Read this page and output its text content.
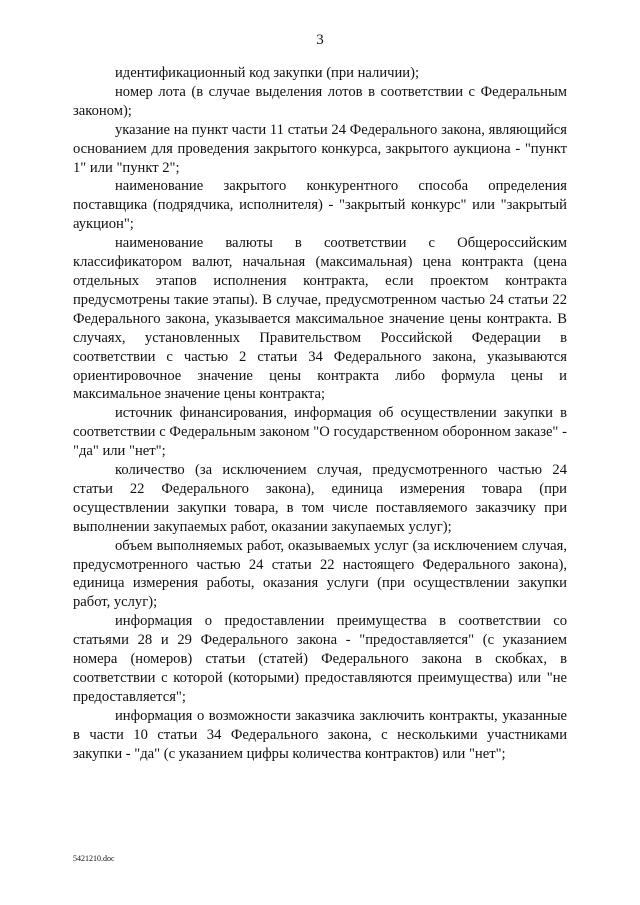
3

идентификационный код закупки (при наличии);

номер лота (в случае выделения лотов в соответствии с Федеральным законом);

указание на пункт части 11 статьи 24 Федерального закона, являющийся основанием для проведения закрытого конкурса, закрытого аукциона - "пункт 1" или "пункт 2";

наименование закрытого конкурентного способа определения поставщика (подрядчика, исполнителя) - "закрытый конкурс" или "закрытый аукцион";

наименование валюты в соответствии с Общероссийским классификатором валют, начальная (максимальная) цена контракта (цена отдельных этапов исполнения контракта, если проектом контракта предусмотрены такие этапы). В случае, предусмотренном частью 24 статьи 22 Федерального закона, указывается максимальное значение цены контракта. В случаях, установленных Правительством Российской Федерации в соответствии с частью 2 статьи 34 Федерального закона, указываются ориентировочное значение цены контракта либо формула цены и максимальное значение цены контракта;

источник финансирования, информация об осуществлении закупки в соответствии с Федеральным законом "О государственном оборонном заказе" - "да" или "нет";

количество (за исключением случая, предусмотренного частью 24 статьи 22 Федерального закона), единица измерения товара (при осуществлении закупки товара, в том числе поставляемого заказчику при выполнении закупаемых работ, оказании закупаемых услуг);

объем выполняемых работ, оказываемых услуг (за исключением случая, предусмотренного частью 24 статьи 22 настоящего Федерального закона), единица измерения работы, оказания услуги (при осуществлении закупки работ, услуг);

информация о предоставлении преимущества в соответствии со статьями 28 и 29 Федерального закона - "предоставляется" (с указанием номера (номеров) статьи (статей) Федерального закона в скобках, в соответствии с которой (которыми) предоставляются преимущества) или "не предоставляется";

информация о возможности заказчика заключить контракты, указанные в части 10 статьи 34 Федерального закона, с несколькими участниками закупки - "да" (с указанием цифры количества контрактов) или "нет";

5421210.doc
